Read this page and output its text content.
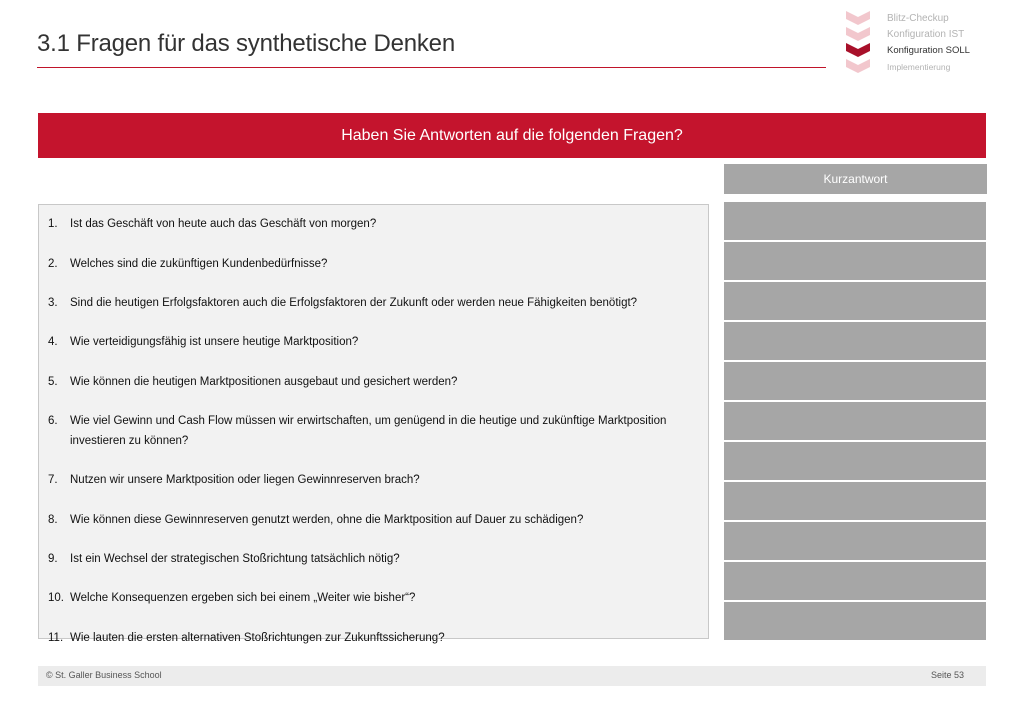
3.1 Fragen für das synthetische Denken
Blitz-Checkup
Konfiguration IST
Konfiguration SOLL
Implementierung
Haben Sie Antworten auf die folgenden Fragen?
Kurzantwort
1.	Ist das Geschäft von heute auch das Geschäft von morgen?
2.	Welches sind die zukünftigen Kundenbedürfnisse?
3.	Sind die heutigen Erfolgsfaktoren auch die Erfolgsfaktoren der Zukunft oder werden neue Fähigkeiten benötigt?
4.	Wie verteidigungsfähig ist unsere heutige Marktposition?
5.	Wie können die heutigen Marktpositionen ausgebaut und gesichert werden?
6.	Wie viel Gewinn und Cash Flow müssen wir erwirtschaften, um genügend in die heutige und zukünftige Marktposition investieren zu können?
7.	Nutzen wir unsere Marktposition oder liegen Gewinnreserven brach?
8.	Wie können diese Gewinnreserven genutzt werden, ohne die Marktposition auf Dauer zu schädigen?
9.	Ist ein Wechsel der strategischen Stoßrichtung tatsächlich nötig?
10. Welche Konsequenzen ergeben sich bei einem „Weiter wie bisher“?
11. Wie lauten die ersten alternativen Stoßrichtungen zur Zukunftssicherung?
© St. Galler Business School	Seite 53
